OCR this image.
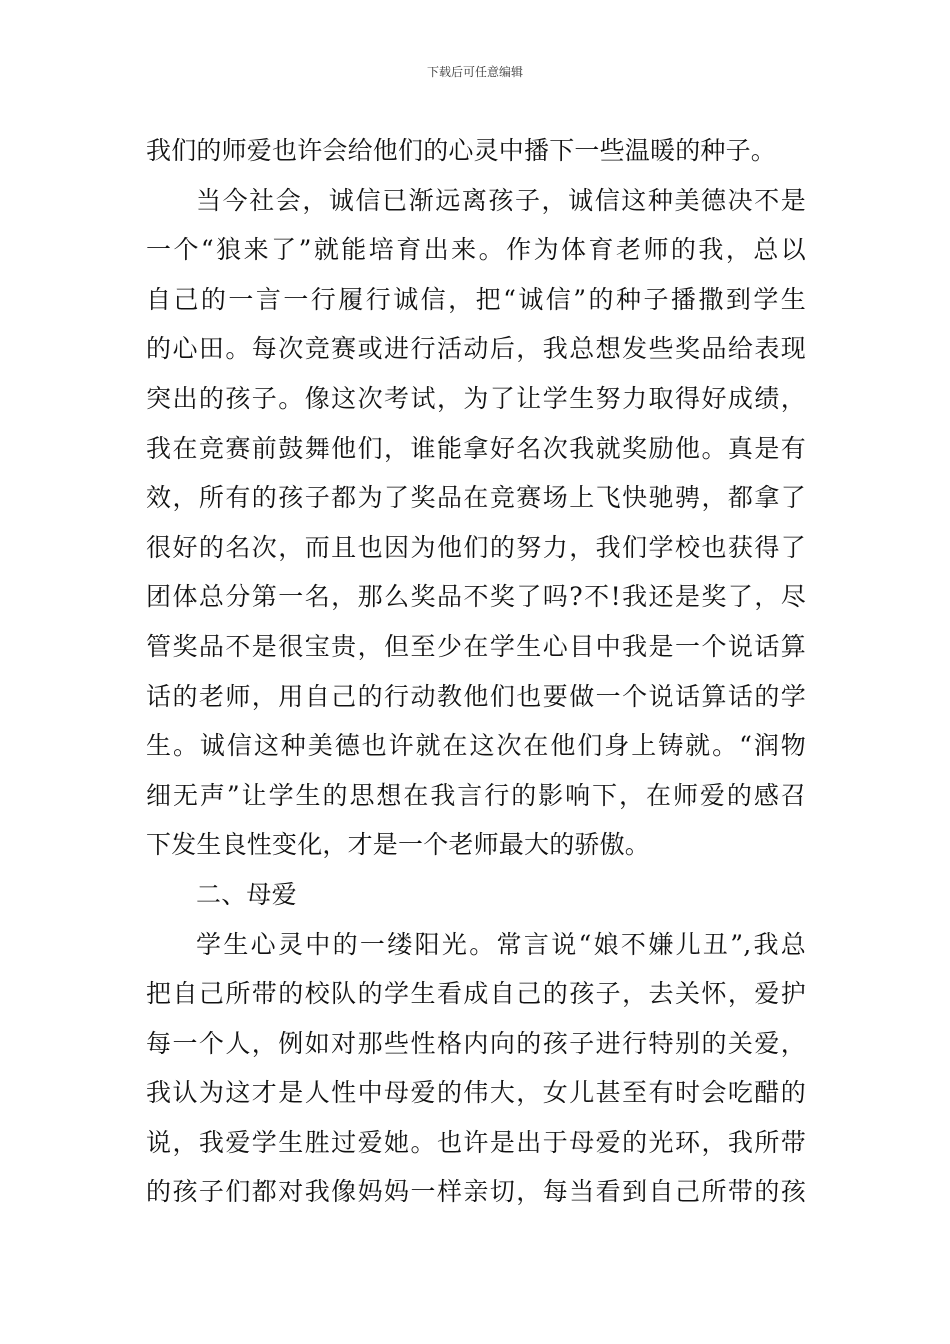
下载后可任意编辑
我们的师爱也许会给他们的心灵中播下一些温暖的种子。
当今社会，诚信已渐远离孩子，诚信这种美德决不是
一个“狼来了”就能培育出来。作为体育老师的我，总以
自己的一言一行履行诚信，把“诚信”的种子播撒到学生
的心田。每次竞赛或进行活动后，我总想发些奖品给表现
突出的孩子。像这次考试，为了让学生努力取得好成绩，
我在竞赛前鼓舞他们，谁能拿好名次我就奖励他。真是有
效，所有的孩子都为了奖品在竞赛场上飞快驰骋，都拿了
很好的名次，而且也因为他们的努力，我们学校也获得了
团体总分第一名，那么奖品不奖了吗?不!我还是奖了，尽
管奖品不是很宝贵，但至少在学生心目中我是一个说话算
话的老师，用自己的行动教他们也要做一个说话算话的学
生。诚信这种美德也许就在这次在他们身上铸就。“润物
细无声”让学生的思想在我言行的影响下，在师爱的感召
下发生良性变化，才是一个老师最大的骄傲。
二、母爱
学生心灵中的一缕阳光。常言说“娘不嫌儿丑”,我总
把自己所带的校队的学生看成自己的孩子，去关怀，爱护
每一个人，例如对那些性格内向的孩子进行特别的关爱，
我认为这才是人性中母爱的伟大，女儿甚至有时会吃醋的
说，我爱学生胜过爱她。也许是出于母爱的光环，我所带
的孩子们都对我像妈妈一样亲切，每当看到自己所带的孩
